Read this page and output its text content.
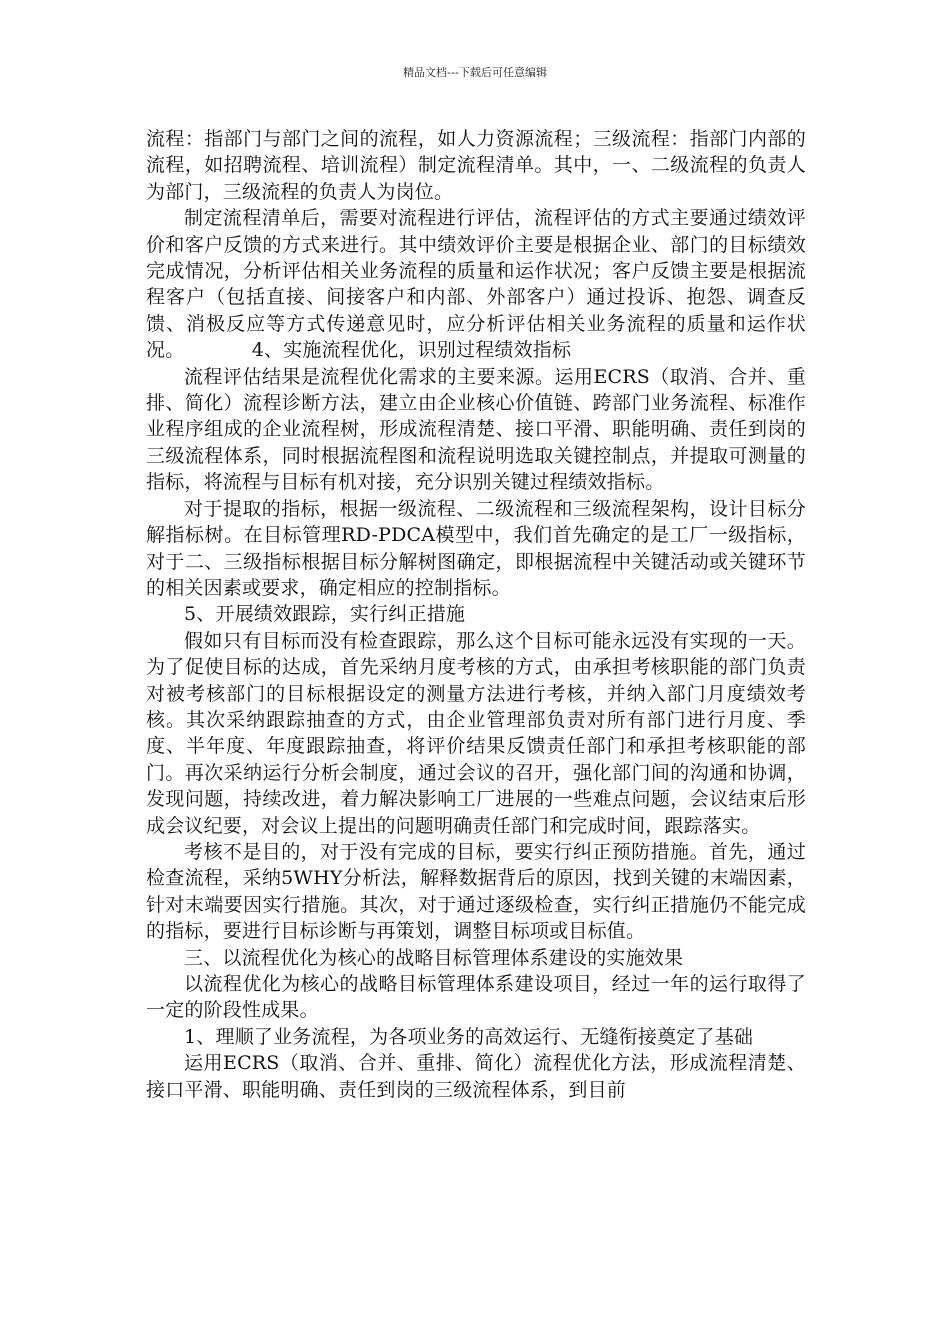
精品文档---下载后可任意编辑

流程：指部门与部门之间的流程，如人力资源流程；三级流程：指部门内部的流程，如招聘流程、培训流程）制定流程清单。其中，一、二级流程的负责人为部门，三级流程的负责人为岗位。

制定流程清单后，需要对流程进行评估，流程评估的方式主要通过绩效评价和客户反馈的方式来进行。其中绩效评价主要是根据企业、部门的目标绩效完成情况，分析评估相关业务流程的质量和运作状况；客户反馈主要是根据流程客户（包括直接、间接客户和内部、外部客户）通过投诉、抱怨、调查反馈、消极反应等方式传递意见时，应分析评估相关业务流程的质量和运作状况。　　　　4、实施流程优化，识别过程绩效指标

流程评估结果是流程优化需求的主要来源。运用ECRS（取消、合并、重排、简化）流程诊断方法，建立由企业核心价值链、跨部门业务流程、标准作业程序组成的企业流程树，形成流程清楚、接口平滑、职能明确、责任到岗的三级流程体系，同时根据流程图和流程说明选取关键控制点，并提取可测量的指标，将流程与目标有机对接，充分识别关键过程绩效指标。

对于提取的指标，根据一级流程、二级流程和三级流程架构，设计目标分解指标树。在目标管理RD-PDCA模型中，我们首先确定的是工厂一级指标，对于二、三级指标根据目标分解树图确定，即根据流程中关键活动或关键环节的相关因素或要求，确定相应的控制指标。

5、开展绩效跟踪，实行纠正措施

假如只有目标而没有检查跟踪，那么这个目标可能永远没有实现的一天。为了促使目标的达成，首先采纳月度考核的方式，由承担考核职能的部门负责对被考核部门的目标根据设定的测量方法进行考核，并纳入部门月度绩效考核。其次采纳跟踪抽查的方式，由企业管理部负责对所有部门进行月度、季度、半年度、年度跟踪抽查，将评价结果反馈责任部门和承担考核职能的部门。再次采纳运行分析会制度，通过会议的召开，强化部门间的沟通和协调，发现问题，持续改进，着力解决影响工厂进展的一些难点问题，会议结束后形成会议纪要，对会议上提出的问题明确责任部门和完成时间，跟踪落实。

考核不是目的，对于没有完成的目标，要实行纠正预防措施。首先，通过检查流程，采纳5WHY分析法，解释数据背后的原因，找到关键的末端因素，针对末端要因实行措施。其次，对于通过逐级检查，实行纠正措施仍不能完成的指标，要进行目标诊断与再策划，调整目标项或目标值。

三、以流程优化为核心的战略目标管理体系建设的实施效果

以流程优化为核心的战略目标管理体系建设项目，经过一年的运行取得了一定的阶段性成果。

1、理顺了业务流程，为各项业务的高效运行、无缝衔接奠定了基础

运用ECRS（取消、合并、重排、简化）流程优化方法，形成流程清楚、接口平滑、职能明确、责任到岗的三级流程体系，到目前
